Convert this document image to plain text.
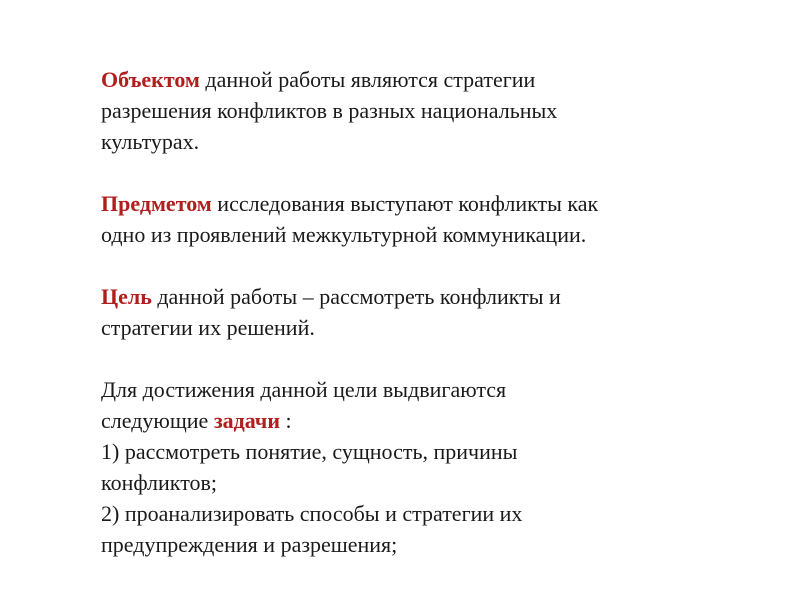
Объектом данной работы являются стратегии
разрешения конфликтов в разных национальных
культурах.

Предметом исследования выступают конфликты как
одно из проявлений межкультурной коммуникации.

Цель данной работы – рассмотреть конфликты и
стратегии их решений.

Для достижения данной цели выдвигаются
следующие задачи :
1) рассмотреть понятие, сущность, причины
конфликтов;
2) проанализировать способы и стратегии их
предупреждения и разрешения;
